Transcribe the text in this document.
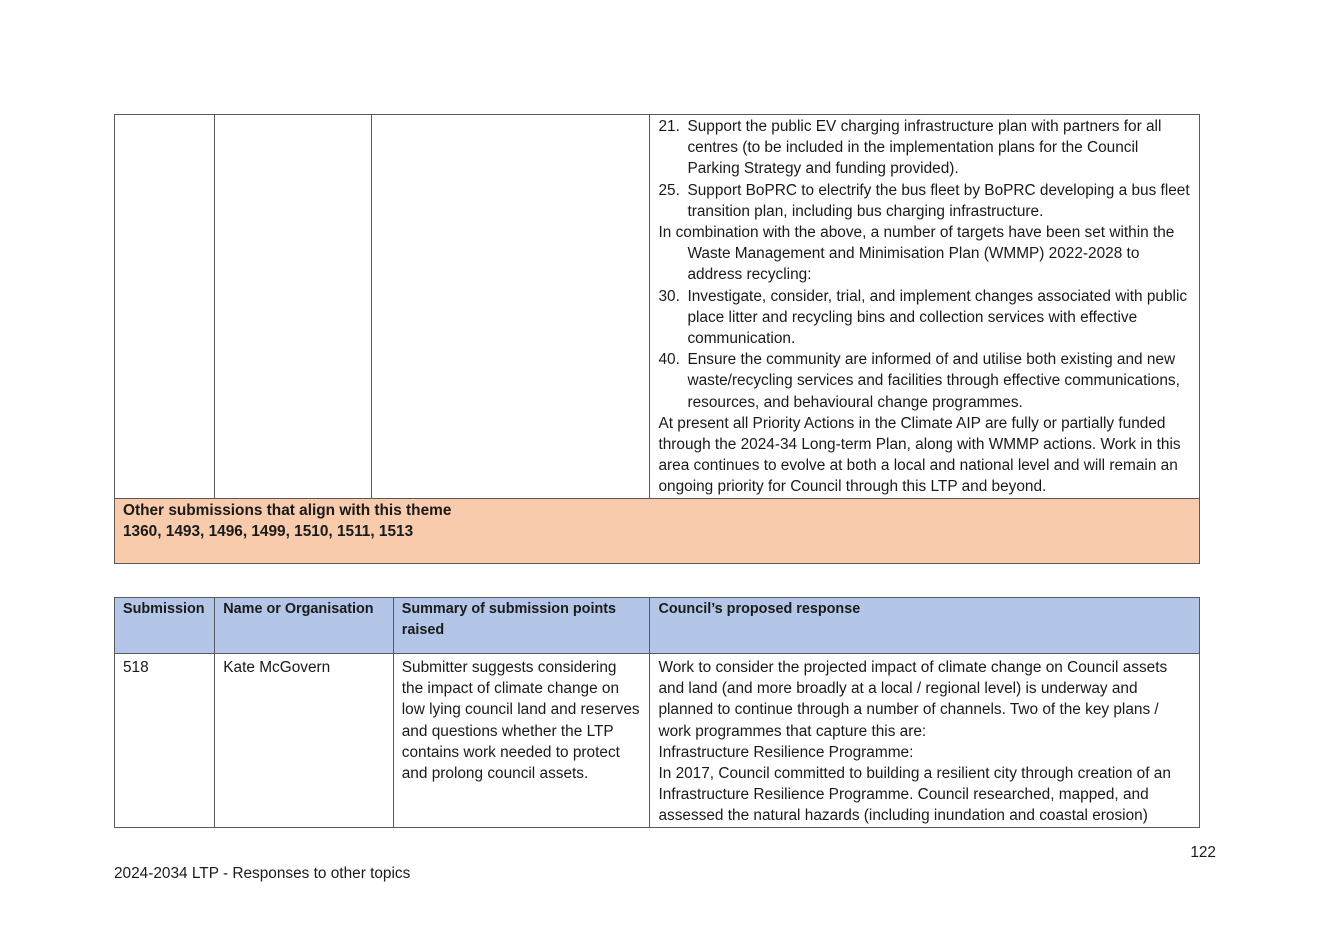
21. Support the public EV charging infrastructure plan with partners for all centres (to be included in the implementation plans for the Council Parking Strategy and funding provided).

25. Support BoPRC to electrify the bus fleet by BoPRC developing a bus fleet transition plan, including bus charging infrastructure.

In combination with the above, a number of targets have been set within the Waste Management and Minimisation Plan (WMMP) 2022-2028 to address recycling:

30. Investigate, consider, trial, and implement changes associated with public place litter and recycling bins and collection services with effective communication.

40. Ensure the community are informed of and utilise both existing and new waste/recycling services and facilities through effective communications, resources, and behavioural change programmes.

At present all Priority Actions in the Climate AIP are fully or partially funded through the 2024-34 Long-term Plan, along with WMMP actions. Work in this area continues to evolve at both a local and national level and will remain an ongoing priority for Council through this LTP and beyond.

Other submissions that align with this theme

1360, 1493, 1496, 1499, 1510, 1511, 1513

Submission	Name or Organisation	Summary of submission points raised	Council’s proposed response
518	Kate McGovern	Submitter suggests considering the impact of climate change on low lying council land and reserves and questions whether the LTP contains work needed to protect and prolong council assets.	Work to consider the projected impact of climate change on Council assets and land (and more broadly at a local / regional level) is underway and planned to continue through a number of channels. Two of the key plans / work programmes that capture this are:

Infrastructure Resilience Programme:

In 2017, Council committed to building a resilient city through creation of an Infrastructure Resilience Programme. Council researched, mapped, and assessed the natural hazards (including inundation and coastal erosion)

122
2024-2034 LTP - Responses to other topics
